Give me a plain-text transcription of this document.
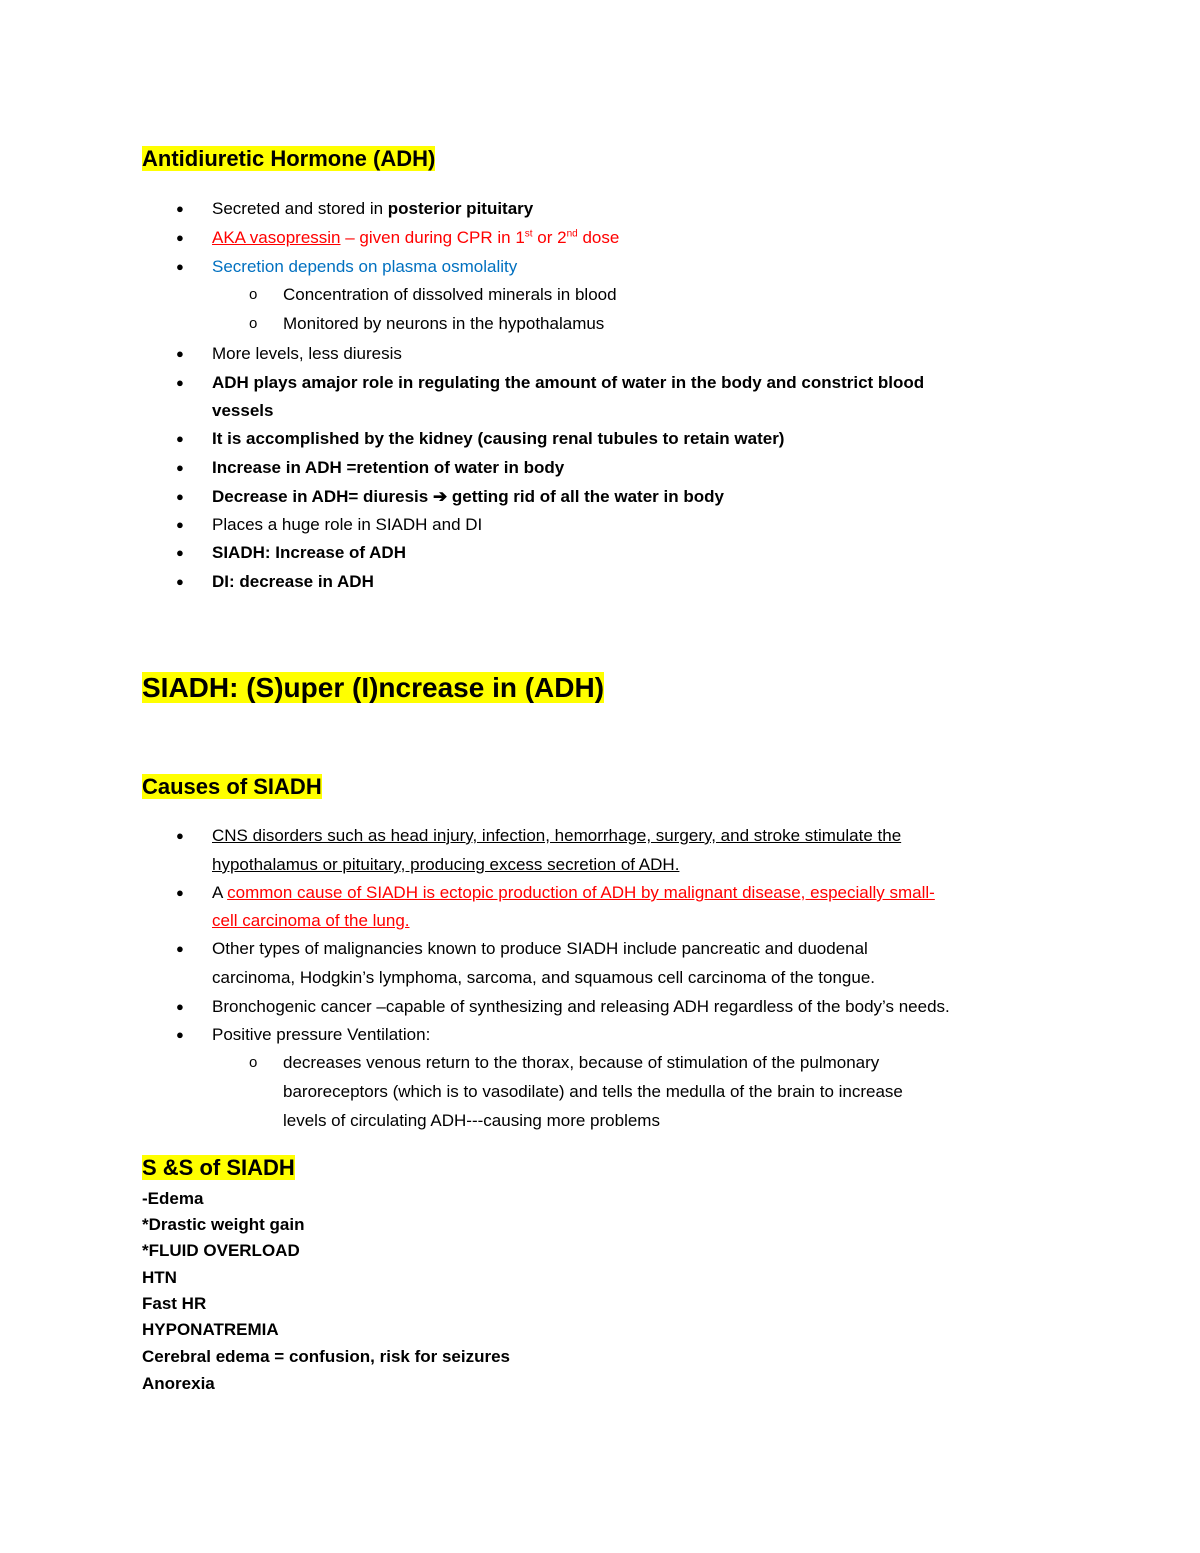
Antidiuretic Hormone (ADH)
● Secreted and stored in posterior pituitary
● AKA vasopressin – given during CPR in 1st or 2nd dose
● Secretion depends on plasma osmolality
o Concentration of dissolved minerals in blood
o Monitored by neurons in the hypothalamus
● More levels, less diuresis
● ADH plays amajor role in regulating the amount of water in the body and constrict blood
vessels
● It is accomplished by the kidney (causing renal tubules to retain water)
● Increase in ADH =retention of water in body
● Decrease in ADH= diuresis ➔ getting rid of all the water in body
● Places a huge role in SIADH and DI
● SIADH: Increase of ADH
● DI: decrease in ADH
SIADH: (S)uper (I)ncrease in (ADH)
Causes of SIADH
● CNS disorders such as head injury, infection, hemorrhage, surgery, and stroke stimulate the
hypothalamus or pituitary, producing excess secretion of ADH.
● A common cause of SIADH is ectopic production of ADH by malignant disease, especially small-
cell carcinoma of the lung.
● Other types of malignancies known to produce SIADH include pancreatic and duodenal
carcinoma, Hodgkin’s lymphoma, sarcoma, and squamous cell carcinoma of the tongue.
● Bronchogenic cancer –capable of synthesizing and releasing ADH regardless of the body’s needs.
● Positive pressure Ventilation:
o decreases venous return to the thorax, because of stimulation of the pulmonary
baroreceptors (which is to vasodilate) and tells the medulla of the brain to increase
levels of circulating ADH---causing more problems
S &S of SIADH
-Edema
*Drastic weight gain
*FLUID OVERLOAD
HTN
Fast HR
HYPONATREMIA
Cerebral edema = confusion, risk for seizures
Anorexia
